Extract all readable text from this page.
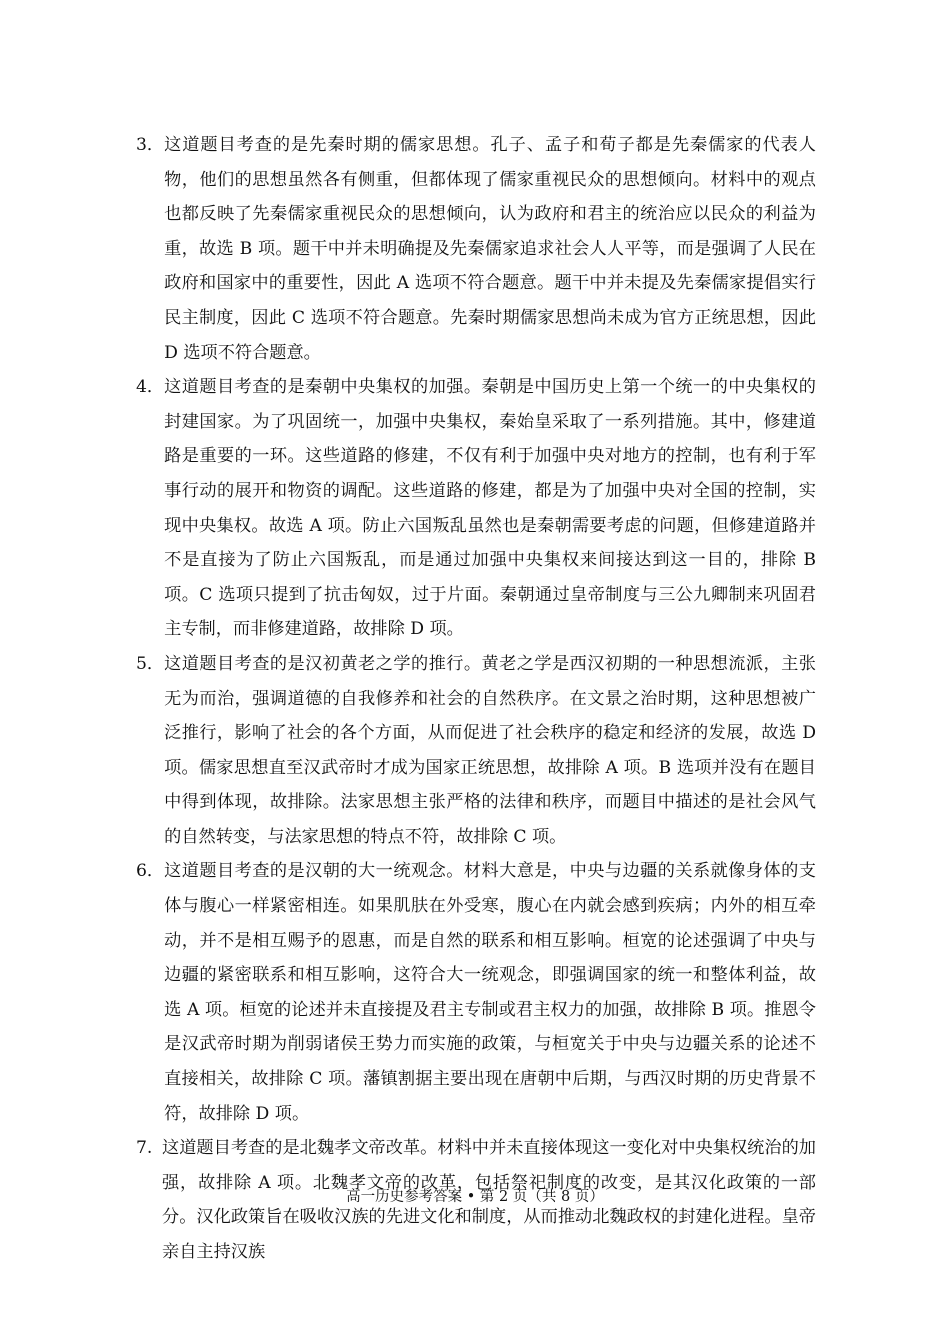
3． 这道题目考查的是先秦时期的儒家思想。孔子、孟子和荀子都是先秦儒家的代表人物，他们的思想虽然各有侧重，但都体现了儒家重视民众的思想倾向。材料中的观点也都反映了先秦儒家重视民众的思想倾向，认为政府和君主的统治应以民众的利益为重，故选 B 项。题干中并未明确提及先秦儒家追求社会人人平等，而是强调了人民在政府和国家中的重要性，因此 A 选项不符合题意。题干中并未提及先秦儒家提倡实行民主制度，因此 C 选项不符合题意。先秦时期儒家思想尚未成为官方正统思想，因此 D 选项不符合题意。
4． 这道题目考查的是秦朝中央集权的加强。秦朝是中国历史上第一个统一的中央集权的封建国家。为了巩固统一，加强中央集权，秦始皇采取了一系列措施。其中，修建道路是重要的一环。这些道路的修建，不仅有利于加强中央对地方的控制，也有利于军事行动的展开和物资的调配。这些道路的修建，都是为了加强中央对全国的控制，实现中央集权。故选 A 项。防止六国叛乱虽然也是秦朝需要考虑的问题，但修建道路并不是直接为了防止六国叛乱，而是通过加强中央集权来间接达到这一目的，排除 B 项。C 选项只提到了抗击匈奴，过于片面。秦朝通过皇帝制度与三公九卿制来巩固君主专制，而非修建道路，故排除 D 项。
5． 这道题目考查的是汉初黄老之学的推行。黄老之学是西汉初期的一种思想流派，主张无为而治，强调道德的自我修养和社会的自然秩序。在文景之治时期，这种思想被广泛推行，影响了社会的各个方面，从而促进了社会秩序的稳定和经济的发展，故选 D 项。儒家思想直至汉武帝时才成为国家正统思想，故排除 A 项。B 选项并没有在题目中得到体现，故排除。法家思想主张严格的法律和秩序，而题目中描述的是社会风气的自然转变，与法家思想的特点不符，故排除 C 项。
6． 这道题目考查的是汉朝的大一统观念。材料大意是，中央与边疆的关系就像身体的支体与腹心一样紧密相连。如果肌肤在外受寒，腹心在内就会感到疾病；内外的相互牵动，并不是相互赐予的恩惠，而是自然的联系和相互影响。桓宽的论述强调了中央与边疆的紧密联系和相互影响，这符合大一统观念，即强调国家的统一和整体利益，故选 A 项。桓宽的论述并未直接提及君主专制或君主权力的加强，故排除 B 项。推恩令是汉武帝时期为削弱诸侯王势力而实施的政策，与桓宽关于中央与边疆关系的论述不直接相关，故排除 C 项。藩镇割据主要出现在唐朝中后期，与西汉时期的历史背景不符，故排除 D 项。
7. 这道题目考查的是北魏孝文帝改革。材料中并未直接体现这一变化对中央集权统治的加强，故排除 A 项。北魏孝文帝的改革，包括祭祀制度的改变，是其汉化政策的一部分。汉化政策旨在吸收汉族的先进文化和制度，从而推动北魏政权的封建化进程。皇帝亲自主持汉族
高一历史参考答案 • 第 2 页（共 8 页）
